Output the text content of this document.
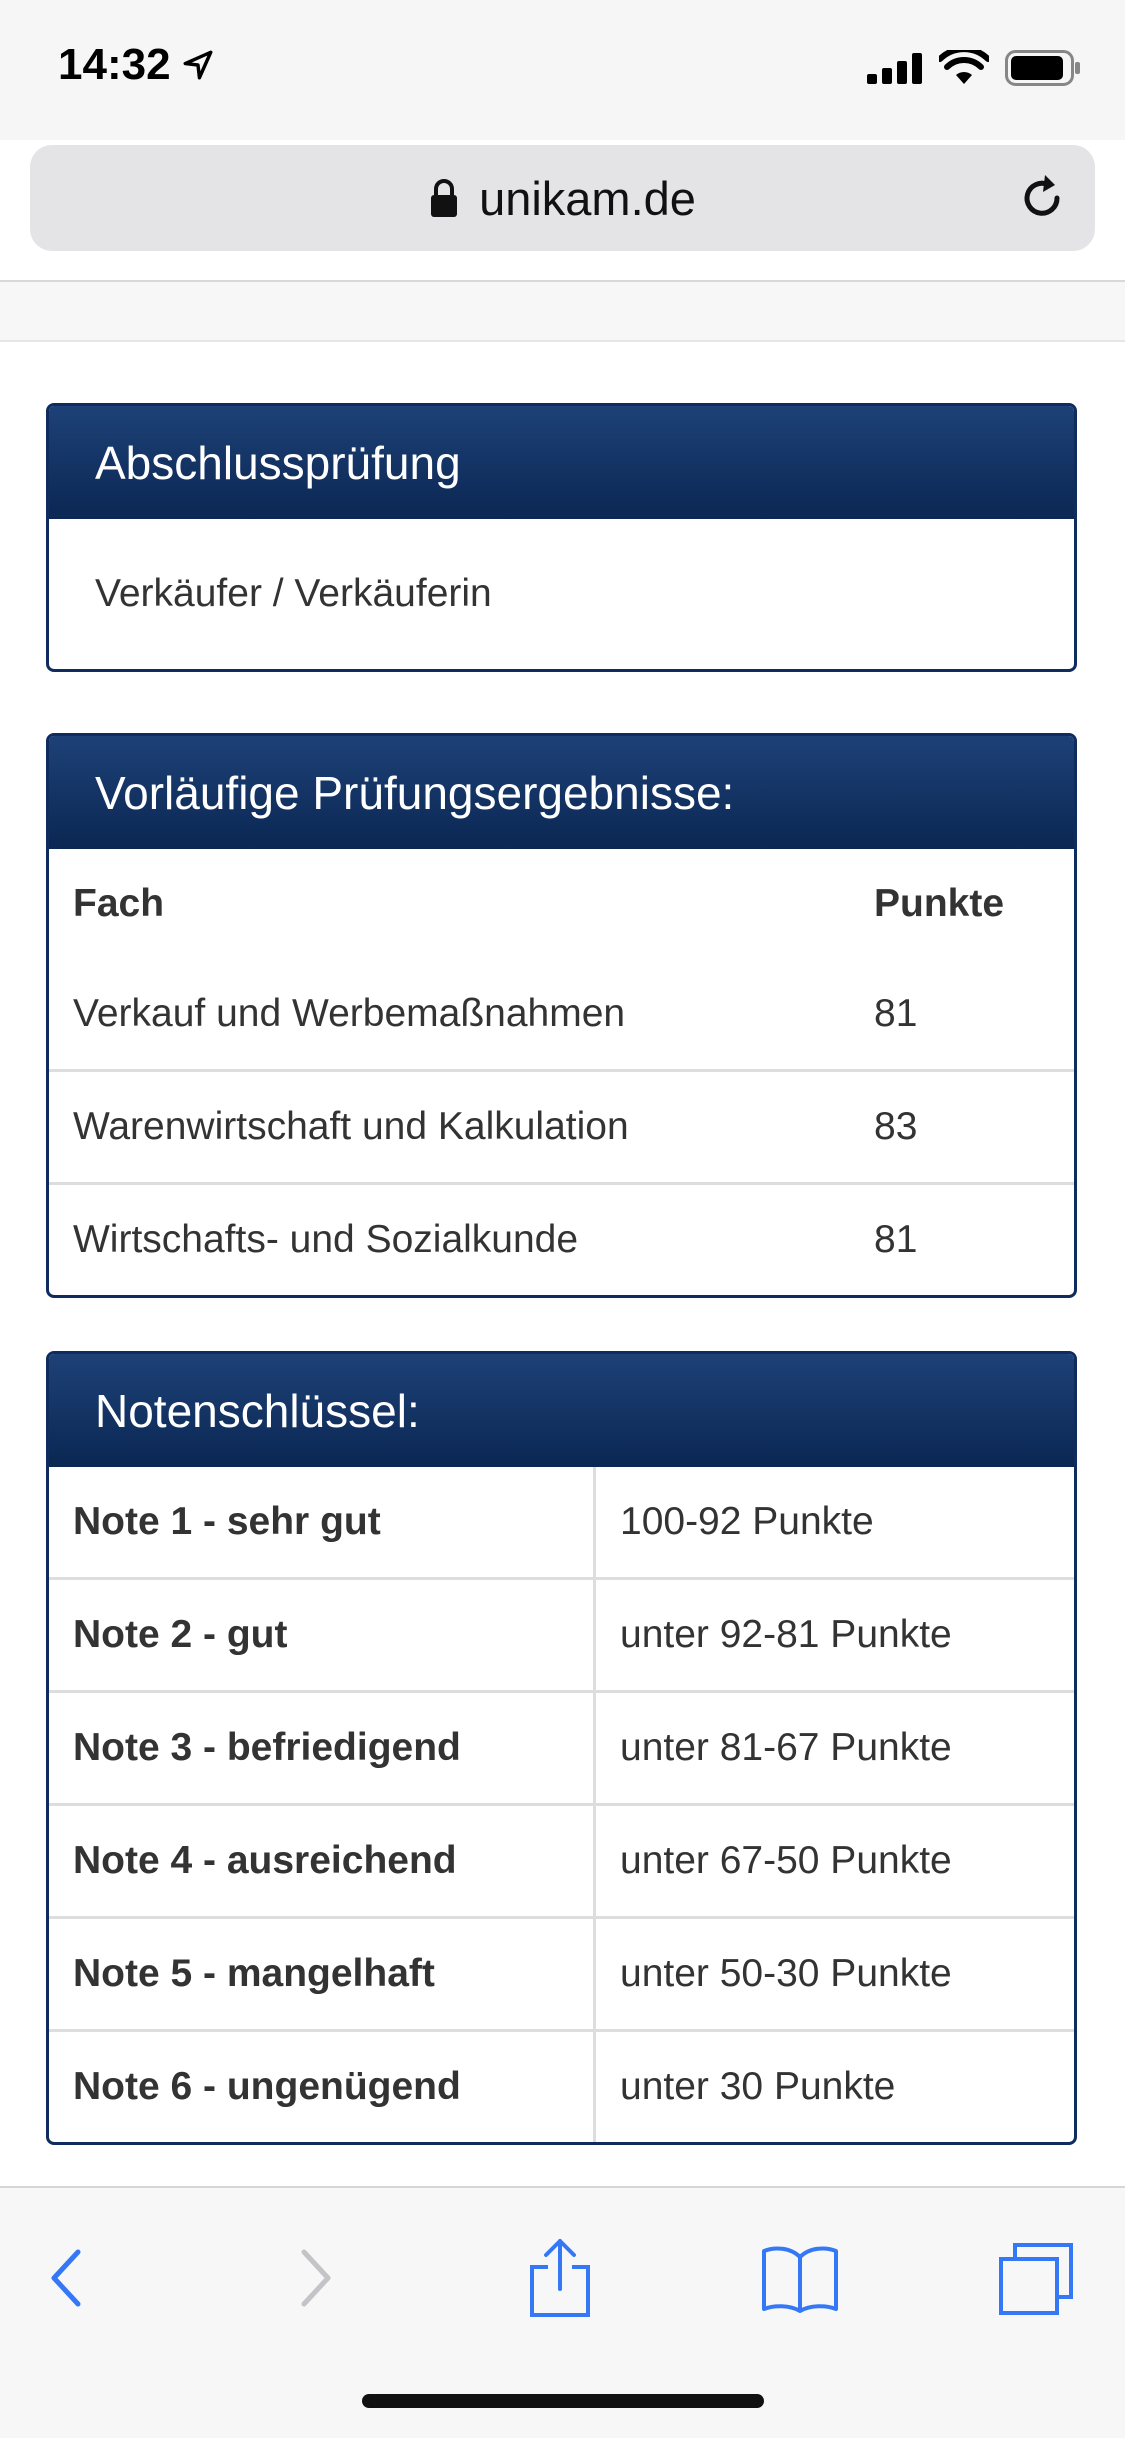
14:32
unikam.de
Abschlussprüfung
Verkäufer / Verkäuferin
Vorläufige Prüfungsergebnisse:
Fach	Punkte
Verkauf und Werbemaßnahmen	81
Warenwirtschaft und Kalkulation	83
Wirtschafts- und Sozialkunde	81
Notenschlüssel:
Note 1 - sehr gut	100-92 Punkte
Note 2 - gut	unter 92-81 Punkte
Note 3 - befriedigend	unter 81-67 Punkte
Note 4 - ausreichend	unter 67-50 Punkte
Note 5 - mangelhaft	unter 50-30 Punkte
Note 6 - ungenügend	unter 30 Punkte
